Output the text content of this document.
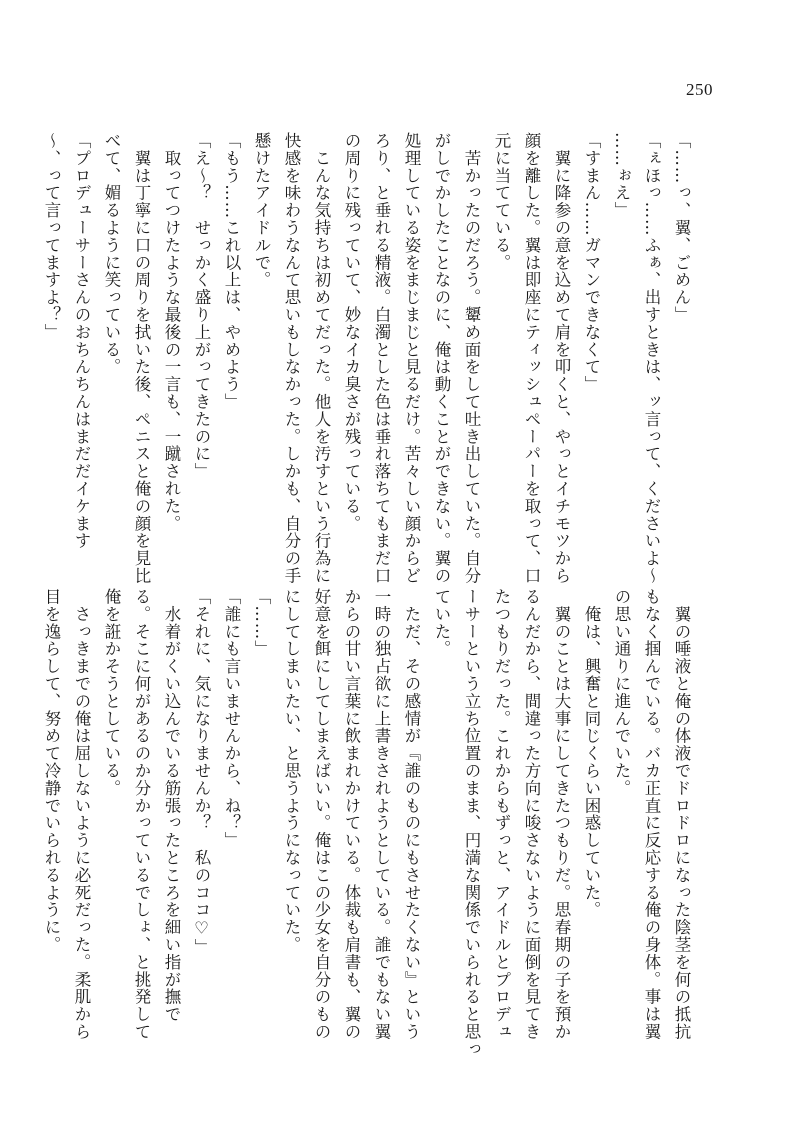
250
「……っ、翼、ごめん」
「ぇほっ……ふぁ、出すときは、ッ言って、くださいよ～
……ぉえ」
「すまん……ガマンできなくて」
　翼に降参の意を込めて肩を叩くと、やっとイチモツから
顔を離した。翼は即座にティッシュペーパーを取って、口
元に当てている。
　苦かったのだろう。顰め面をして吐き出していた。自分
がしでかしたことなのに、俺は動くことができない。翼の
処理している姿をまじまじと見るだけ。苦々しい顔からど
ろり、と垂れる精液。白濁とした色は垂れ落ちてもまだ口
の周りに残っていて、妙なイカ臭さが残っている。
　こんな気持ちは初めてだった。他人を汚すという行為に
快感を味わうなんて思いもしなかった。しかも、自分の手
懸けたアイドルで。
「もう……これ以上は、やめよう」
「え～？　せっかく盛り上がってきたのに」
　取ってつけたような最後の一言も、一蹴された。
　翼は丁寧に口の周りを拭いた後、ペニスと俺の顔を見比
べて、媚るように笑っている。
「プロデューサーさんのおちんちんはまだだイケます
～、って言ってますよ？」
　翼の唾液と俺の体液でドロドロになった陰茎を何の抵抗
もなく掴んでいる。バカ正直に反応する俺の身体。事は翼
の思い通りに進んでいた。
　俺は、興奮と同じくらい困惑していた。
　翼のことは大事にしてきたつもりだ。思春期の子を預か
るんだから、間違った方向に唆さないように面倒を見てき
たつもりだった。これからもずっと、アイドルとプロデュ
ーサーという立ち位置のまま、円満な関係でいられると思っ
ていた。
　ただ、その感情が『誰のものにもさせたくない』という
一時の独占欲に上書きされようとしている。誰でもない翼
からの甘い言葉に飲まれかけている。体裁も肩書も、翼の
好意を餌にしてしまえばいい。俺はこの少女を自分のもの
にしてしまいたい、と思うようになっていた。
「……」
「誰にも言いませんから、ね？」
「それに、気になりませんか？　私のココ♡」
　水着がくい込んでいる筋張ったところを細い指が撫で
る。そこに何があるのか分かっているでしょ、と挑発して
俺を誑かそうとしている。
　さっきまでの俺は屈しないように必死だった。柔肌から
目を逸らして、努めて冷静でいられるように。
